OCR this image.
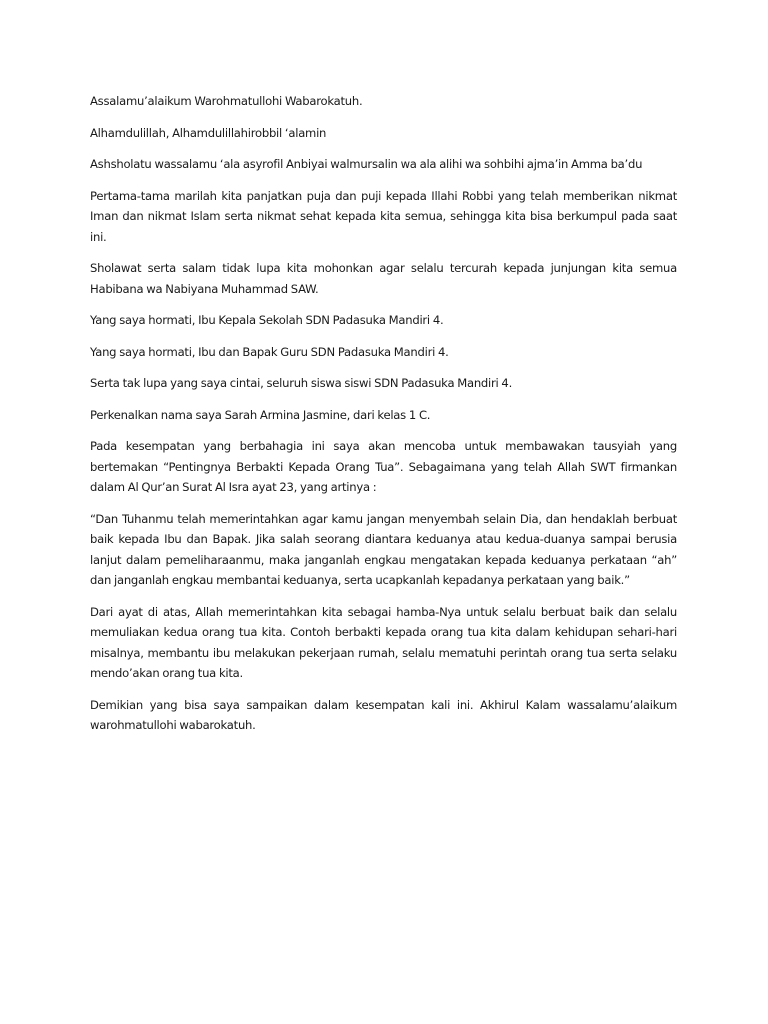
Assalamu’alaikum Warohmatullohi Wabarokatuh.

Alhamdulillah, Alhamdulillahirobbil ‘alamin

Ashsholatu wassalamu ‘ala asyrofil Anbiyai walmursalin wa ala alihi wa sohbihi ajma’in Amma ba’du

Pertama-tama marilah kita panjatkan puja dan puji kepada Illahi Robbi yang telah memberikan nikmat Iman dan nikmat Islam serta nikmat sehat kepada kita semua, sehingga kita bisa berkumpul pada saat ini.

Sholawat serta salam tidak lupa kita mohonkan agar selalu tercurah kepada junjungan kita semua Habibana wa Nabiyana Muhammad SAW.

Yang saya hormati, Ibu Kepala Sekolah SDN Padasuka Mandiri 4.

Yang saya hormati, Ibu dan Bapak Guru SDN Padasuka Mandiri 4.

Serta tak lupa yang saya cintai, seluruh siswa siswi SDN Padasuka Mandiri 4.

Perkenalkan nama saya Sarah Armina Jasmine, dari kelas 1 C.

Pada kesempatan yang berbahagia ini saya akan mencoba untuk membawakan tausyiah yang bertemakan “Pentingnya Berbakti Kepada Orang Tua”. Sebagaimana yang telah Allah SWT firmankan dalam Al Qur’an Surat Al Isra ayat 23, yang artinya :

“Dan Tuhanmu telah memerintahkan agar kamu jangan menyembah selain Dia, dan hendaklah berbuat baik kepada Ibu dan Bapak. Jika salah seorang diantara keduanya atau kedua-duanya sampai berusia lanjut dalam pemeliharaanmu, maka janganlah engkau mengatakan kepada keduanya perkataan “ah” dan janganlah engkau membantai keduanya, serta ucapkanlah kepadanya perkataan yang baik.”

Dari ayat di atas, Allah memerintahkan kita sebagai hamba-Nya untuk selalu berbuat baik dan selalu memuliakan kedua orang tua kita. Contoh berbakti kepada orang tua kita dalam kehidupan sehari-hari misalnya, membantu ibu melakukan pekerjaan rumah, selalu mematuhi perintah orang tua serta selaku mendo’akan orang tua kita.

Demikian yang bisa saya sampaikan dalam kesempatan kali ini. Akhirul Kalam wassalamu’alaikum warohmatullohi wabarokatuh.
